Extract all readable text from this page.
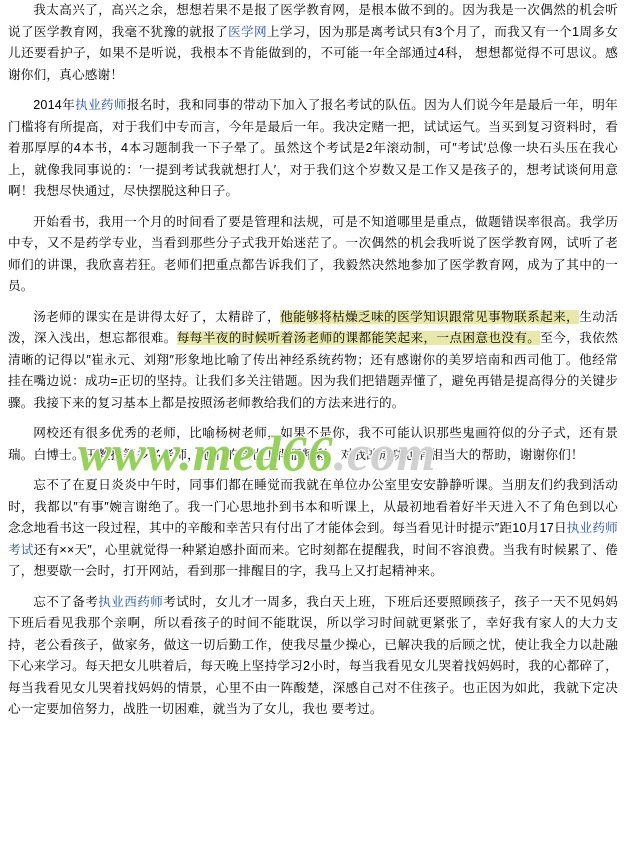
我太高兴了，高兴之余，想想若果不是报了医学教育网，是根本做不到的。因为我是一次偶然的机会听说了医学教育网，我毫不犹豫的就报了医学网上学习，因为那是离考试只有3个月了，而我又有一个1周多女儿还要看护子，如果不是听说，我根本不肯能做到的，不可能一年全部通过4科， 想想都觉得不可思议。感谢你们，真心感谢！
2014年执业药师报名时，我和同事的带动下加入了报名考试的队伍。因为人们说今年是最后一年，明年门槛将有所提高，对于我们中专而言，今年是最后一年。我决定赌一把，试试运气。当买到复习资料时，看着那厚厚的4本书，4本习题制我一下子晕了。虽然这个考试是2年滚动制，可″考试′总像一块石头压在我心上，就像我同事说的：′一提到考试我就想打人′，对于我们这个岁数又是工作又是孩子的，想考试谈何用意啊！我想尽快通过，尽快摆脱这种日子。
开始看书，我用一个月的时间看了要是管理和法规，可是不知道哪里是重点，做题错误率很高。我学历中专，又不是药学专业，当看到那些分子式我开始迷茫了。一次偶然的机会我听说了医学教育网，试听了老师们的讲课，我欣喜若狂。老师们把重点都告诉我们了，我毅然决然地参加了医学教育网，成为了其中的一员。
汤老师的课实在是讲得太好了，太精辟了，他能够将枯燥乏味的医学知识跟常见事物联系起来，生动活泼，深入浅出，想忘都很难。每每半夜的时候听着汤老师的课都能笑起来，一点困意也没有。至今，我依然清晰的记得以″崔永元、刘翔″形象地比喻了传出神经系统药物；还有感谢你的美罗培南和西司他丁。他经常挂在嘴边说：成功=正切的坚持。让我们多关注错题。因为我们把错题弄懂了，避免再错是提高得分的关键步骤。我接下来的复习基本上都是按照汤老师教给我们的方法来进行的。
网校还有很多优秀的老师，比喻杨树老师，如果不是你，我不可能认识那些鬼画符似的分子式，还有景瑞。白博士。王教授等多名老师，他们的课也上得很精彩，对我的成功也有相当大的帮助，谢谢你们！
忘不了在夏日炎炎中午时，同事们都在睡觉而我就在单位办公室里安安静静听课。当朋友们约我到活动时，我都以″有事″婉言谢绝了。我一门心思地扑到书本和听课上，从最初地看着好半天进入不了角色到以心念念地看书这一段过程，其中的辛酸和幸苦只有付出了才能体会到。每当看见计时提示″距10月17日执业药师考试还有××天″，心里就觉得一种紧迫感扑面而来。它时刻都在提醒我，时间不容浪费。当我有时候累了、倦了，想要歇一会时，打开网站，看到那一排醒目的字，我马上又打起精神来。
忘不了备考执业西药师考试时，女儿才一周多，我白天上班，下班后还要照顾孩子，孩子一天不见妈妈下班后看见我那个亲啊，所以看孩子的时间不能耽误，所以学习时间就更紧张了，幸好我有家人的大力支持，老公看孩子，做家务，做这一切后勤工作，使我尽量少操心，已解决我的后顾之忧，使让我全力以赴融下心来学习。每天把女儿哄着后，每天晚上坚持学习2小时，每当我看见女儿哭着找妈妈时，我的心都碎了，每当我看见女儿哭着找妈妈的情景，心里不由一阵酸楚，深感自己对不住孩子。也正因为如此，我就下定决心一定要加倍努力，战胜一切困难，就当为了女儿，我也 要考过。
www.med66.com
